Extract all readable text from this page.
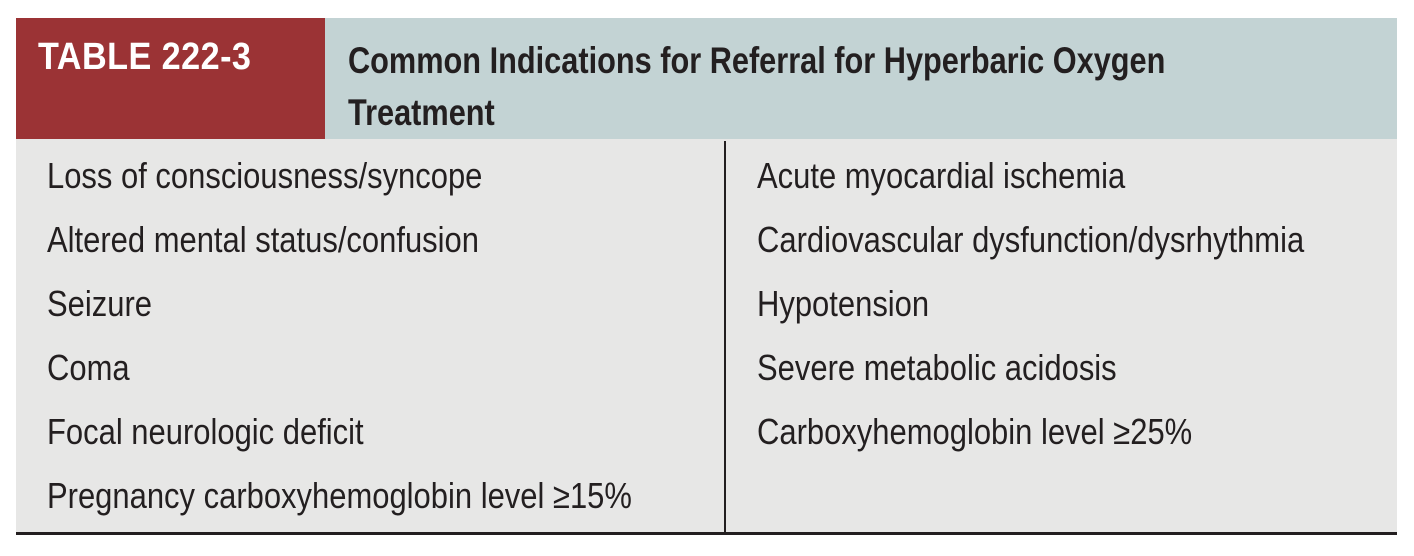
TABLE 222-3	Common Indications for Referral for Hyperbaric Oxygen Treatment
Loss of consciousness/syncope
Altered mental status/confusion
Seizure
Coma
Focal neurologic deficit
Pregnancy carboxyhemoglobin level ≥15%
Acute myocardial ischemia
Cardiovascular dysfunction/dysrhythmia
Hypotension
Severe metabolic acidosis
Carboxyhemoglobin level ≥25%
